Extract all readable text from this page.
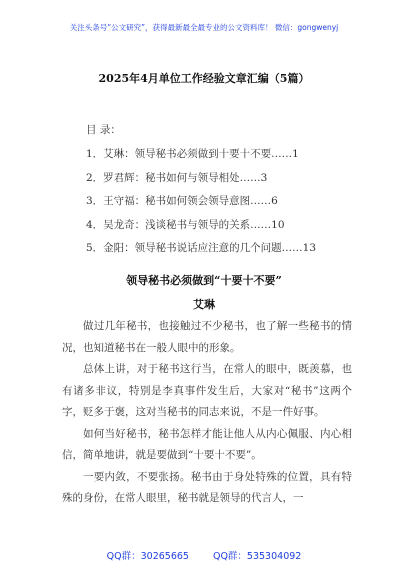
关注头条号“公文研究”，获得最新最全最专业的公文资料库！ 微信：gongwenyj
2025年4月单位工作经验文章汇编（5篇）
目 录：
1．艾琳：领导秘书必须做到十要十不要……1
2．罗君辉：秘书如何与领导相处……3
3．王守福：秘书如何领会领导意图……6
4．吴龙奇：浅谈秘书与领导的关系……10
5．金阳：领导秘书说话应注意的几个问题……13
领导秘书必须做到“十要十不要”
艾琳

做过几年秘书，也接触过不少秘书，也了解一些秘书的情况，也知道秘书在一般人眼中的形象。

总体上讲，对于秘书这行当，在常人的眼中，既羡慕，也有诸多非议，特别是李真事件发生后，大家对“秘书”这两个字，贬多于褒，这对当秘书的同志来说，不是一件好事。

如何当好秘书，秘书怎样才能让他人从内心佩服、内心相信，简单地讲，就是要做到“十要十不要”。

一要内敛，不要张扬。秘书由于身处特殊的位置，具有特殊的身份，在常人眼里，秘书就是领导的代言人，一

QQ群：30265665	QQ群：535304092
